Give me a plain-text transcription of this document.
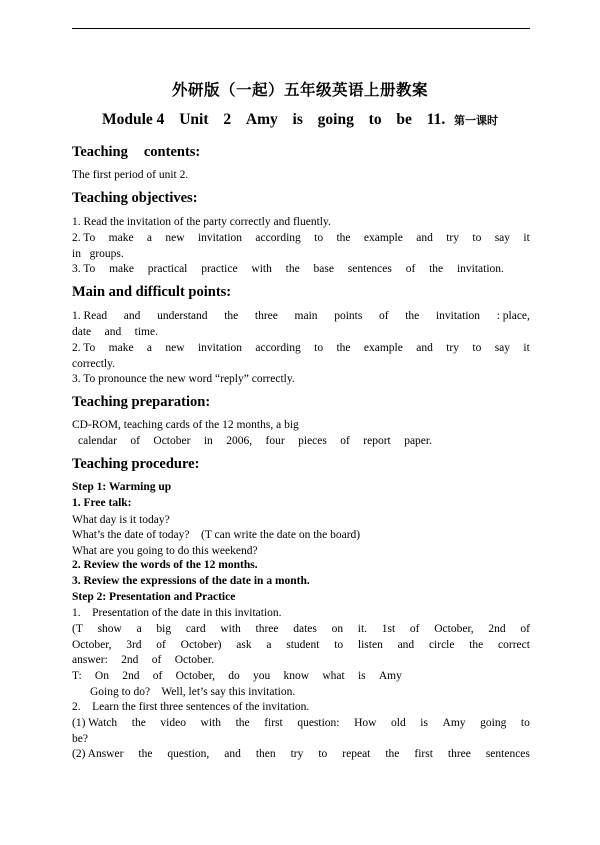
外研版（一起）五年级英语上册教案
Module 4 Unit 2 Amy is going to be 11. 第一课时
Teaching contents:
The first period of unit 2.
Teaching objectives:
1. Read the invitation of the party correctly and fluently.
2. To make a new invitation according to the example and try to say it
in   groups.
3. To make practical practice with the base sentences of the invitation.
Main and difficult points:
1. Read and understand the three main points of the invitation : place,
date and time.
2. To make a new invitation according to the example and try to say it
correctly.
3. To pronounce the new word “reply” correctly.
Teaching preparation:
CD-ROM, teaching cards of the 12 months, a big
calendar of October in 2006, four pieces of report paper.
Teaching procedure:
Step 1: Warming up
1. Free talk:
What day is it today?
What’s the date of today?    (T can write the date on the board)
What are you going to do this weekend?
2. Review the words of the 12 months.
3. Review the expressions of the date in a month.
Step 2: Presentation and Practice
1.    Presentation of the date in this invitation.
(T show a big card with three dates on it. 1st of October, 2nd of
October, 3rd of October) ask a student to listen and circle the correct
answer: 2nd of October.
T: On 2nd of October, do you know what is Amy
Going to do?    Well, let’s say this invitation.
2.    Learn the first three sentences of the invitation.
(1) Watch the video with the first question: How old is Amy going to
be?
(2) Answer the question, and then try to repeat the first three sentences
